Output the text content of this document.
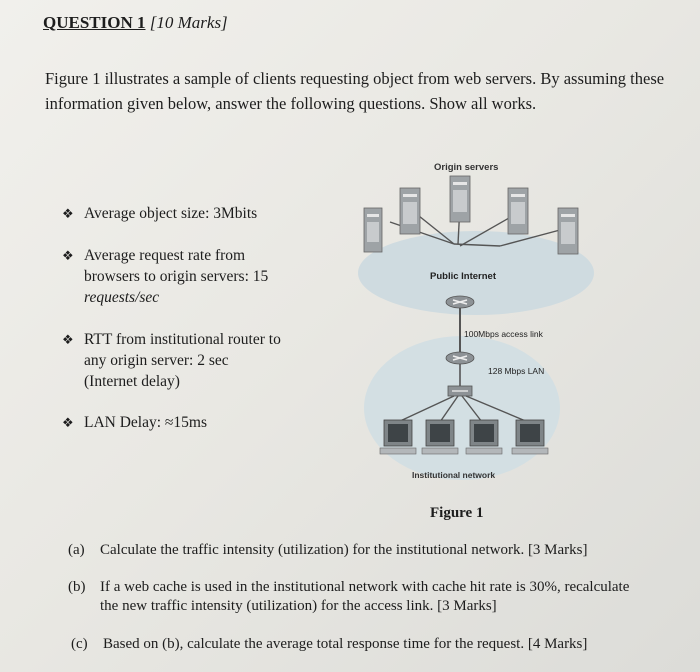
QUESTION 1 [10 Marks]
Figure 1 illustrates a sample of clients requesting object from web servers. By assuming these information given below, answer the following questions. Show all works.
❖ Average object size: 3Mbits
❖ Average request rate from
browsers to origin servers: 15
requests/sec
❖ RTT from institutional router to
any origin server: 2 sec
(Internet delay)
❖ LAN Delay: ≈15ms
Origin servers
Public Internet
100Mbps access link
128 Mbps LAN
Institutional network
Figure 1
(a) Calculate the traffic intensity (utilization) for the institutional network. [3 Marks]
(b) If a web cache is used in the institutional network with cache hit rate is 30%, recalculate
the new traffic intensity (utilization) for the access link. [3 Marks]
(c) Based on (b), calculate the average total response time for the request. [4 Marks]
